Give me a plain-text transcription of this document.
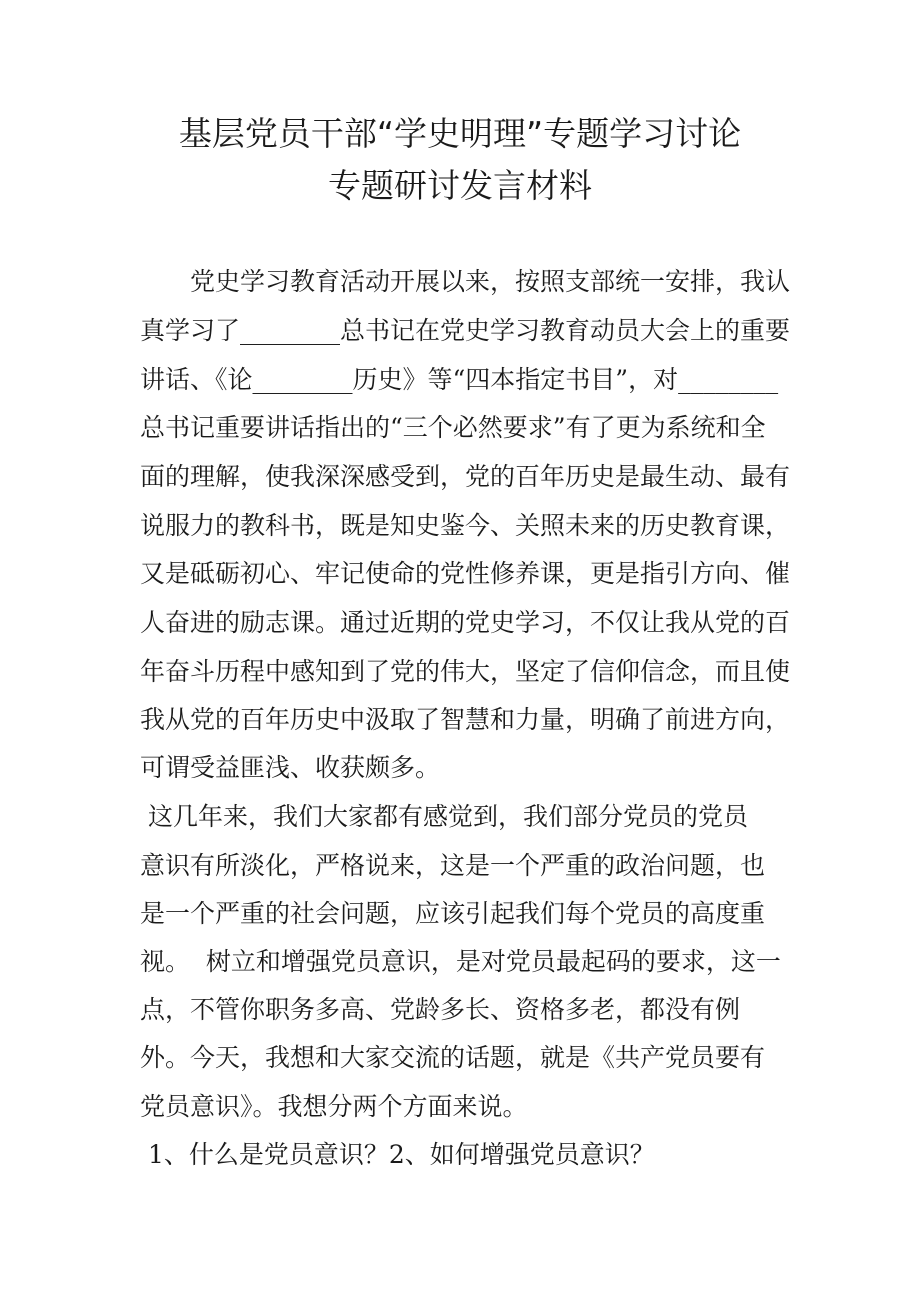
基层党员干部“学史明理”专题学习讨论
专题研讨发言材料
　　党史学习教育活动开展以来，按照支部统一安排，我认
真学习了________总书记在党史学习教育动员大会上的重要
讲话、《论________历史》等“四本指定书目”，对________
总书记重要讲话指出的“三个必然要求”有了更为系统和全
面的理解，使我深深感受到，党的百年历史是最生动、最有
说服力的教科书，既是知史鉴今、关照未来的历史教育课，
又是砥砺初心、牢记使命的党性修养课，更是指引方向、催
人奋进的励志课。通过近期的党史学习，不仅让我从党的百
年奋斗历程中感知到了党的伟大，坚定了信仰信念，而且使
我从党的百年历史中汲取了智慧和力量，明确了前进方向，
可谓受益匪浅、收获颇多。
这几年来，我们大家都有感觉到，我们部分党员的党员
意识有所淡化，严格说来，这是一个严重的政治问题，也
是一个严重的社会问题，应该引起我们每个党员的高度重
视。  树立和增强党员意识，是对党员最起码的要求，这一
点，不管你职务多高、党龄多长、资格多老，都没有例
外。今天，我想和大家交流的话题，就是《共产党员要有
党员意识》。我想分两个方面来说。
1、什么是党员意识？2、如何增强党员意识？
